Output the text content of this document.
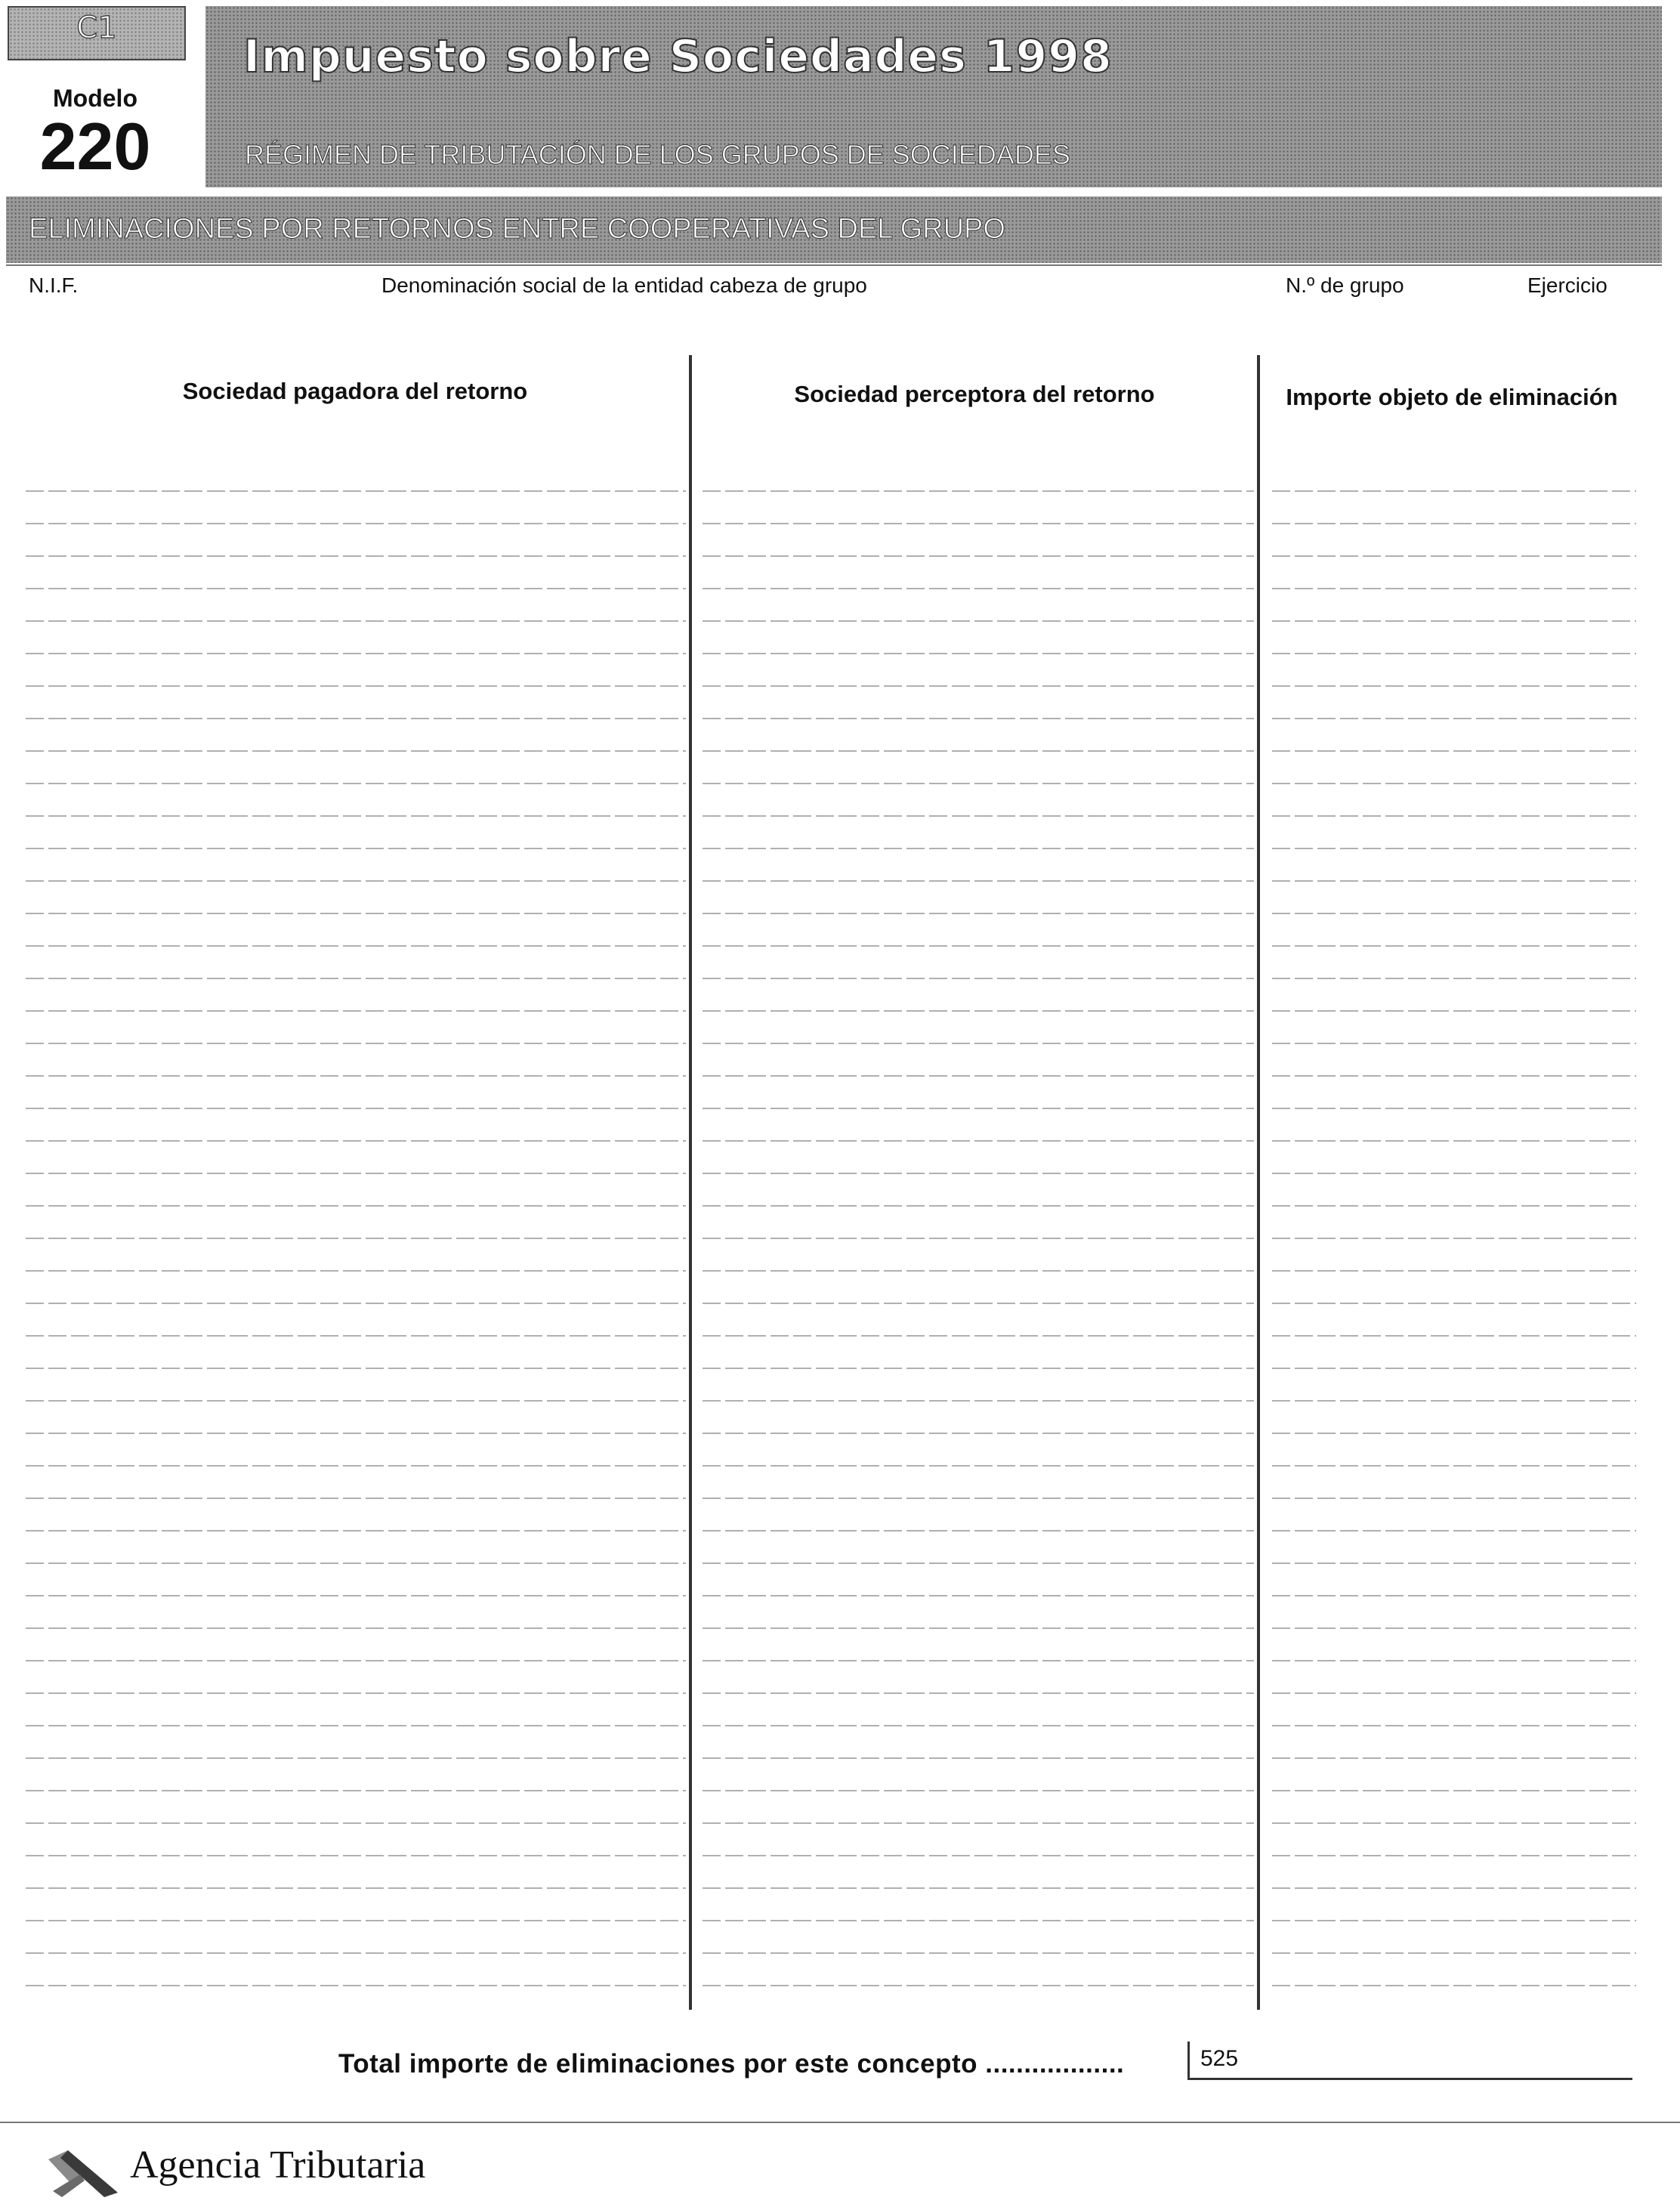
C1
Modelo
220
Impuesto sobre Sociedades 1998
RÉGIMEN DE TRIBUTACIÓN DE LOS GRUPOS DE SOCIEDADES
ELIMINACIONES POR RETORNOS ENTRE COOPERATIVAS DEL GRUPO
N.I.F.	Denominación social de la entidad cabeza de grupo	N.º de grupo	Ejercicio
Sociedad pagadora del retorno	Sociedad perceptora del retorno	Importe objeto de eliminación
Total importe de eliminaciones por este concepto ..................	525
Agencia Tributaria
